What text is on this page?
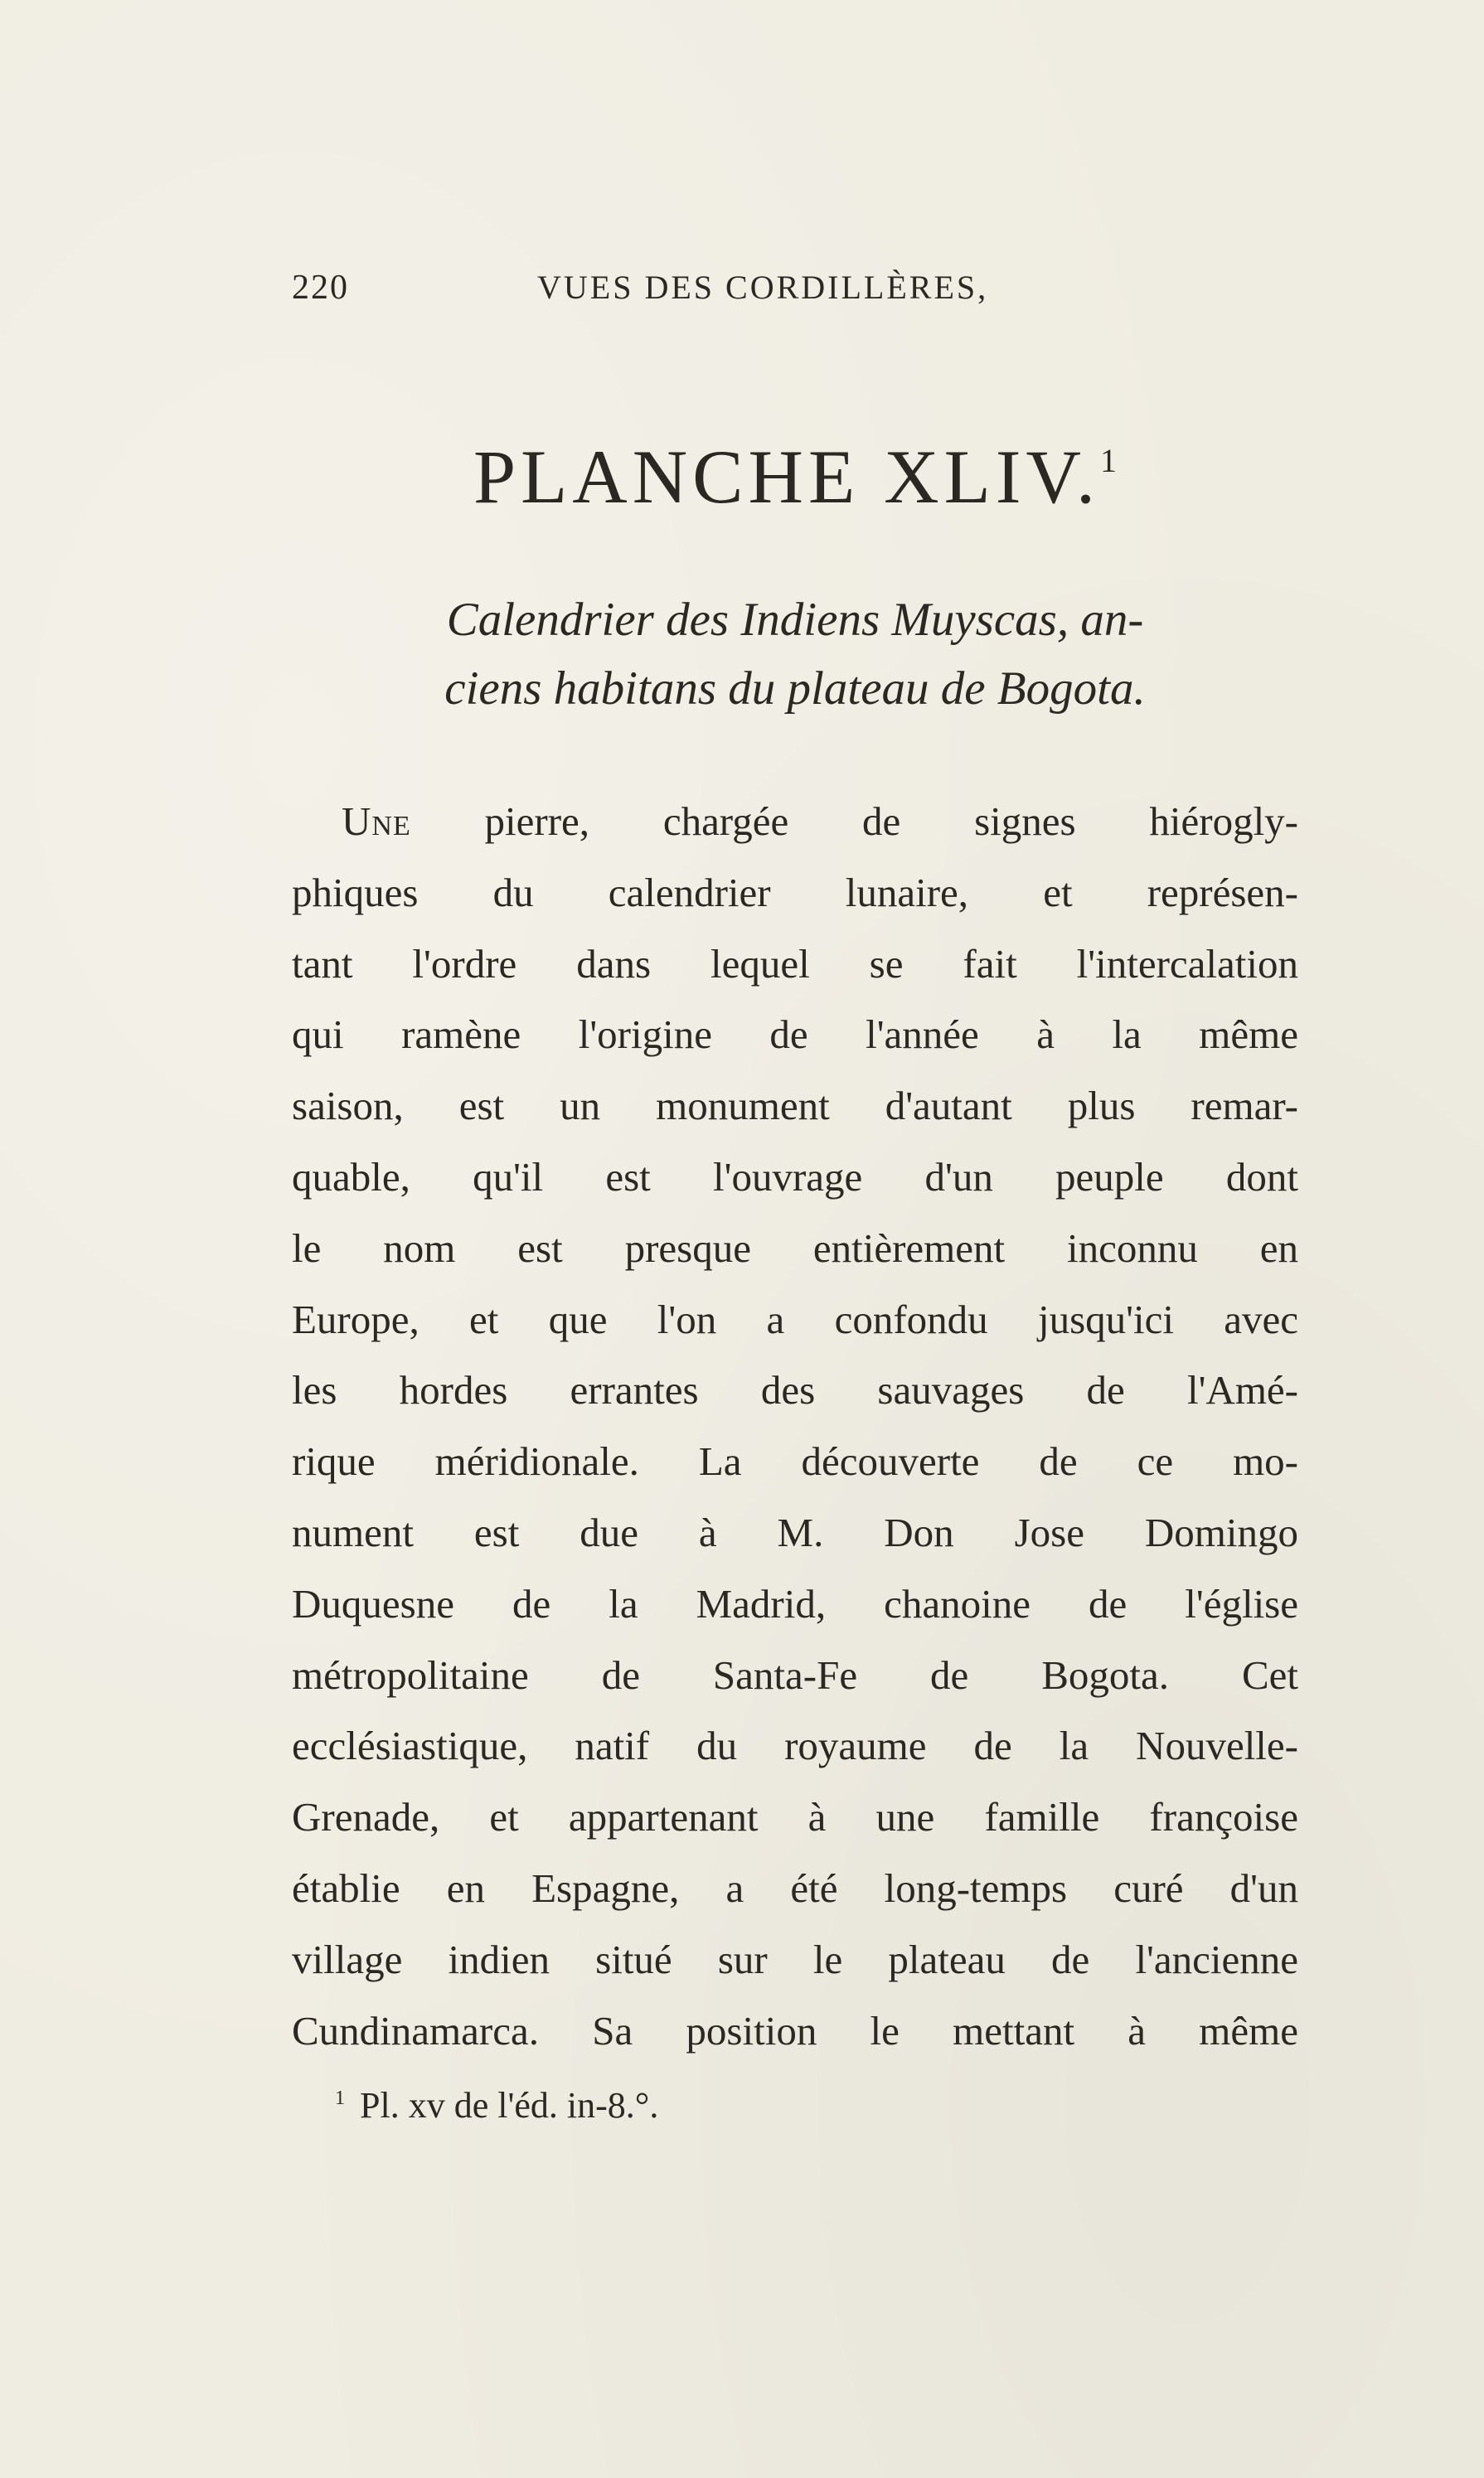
220	VUES DES CORDILLÈRES,
PLANCHE XLIV.$^1$
Calendrier des Indiens Muyscas, an-
ciens habitans du plateau de Bogota.
Une pierre, chargée de signes hiérogly-
phiques du calendrier lunaire, et représen-
tant l'ordre dans lequel se fait l'intercalation
qui ramène l'origine de l'année à la même
saison, est un monument d'autant plus remar-
quable, qu'il est l'ouvrage d'un peuple dont
le nom est presque entièrement inconnu en
Europe, et que l'on a confondu jusqu'ici avec
les hordes errantes des sauvages de l'Amé-
rique méridionale. La découverte de ce mo-
nument est due à M. Don Jose Domingo
Duquesne de la Madrid, chanoine de l'église
métropolitaine de Santa-Fe de Bogota. Cet
ecclésiastique, natif du royaume de la Nouvelle-
Grenade, et appartenant à une famille françoise
établie en Espagne, a été long-temps curé d'un
village indien situé sur le plateau de l'ancienne
Cundinamarca. Sa position le mettant à même
$^1$ Pl. xv de l'éd. in-8.°.
